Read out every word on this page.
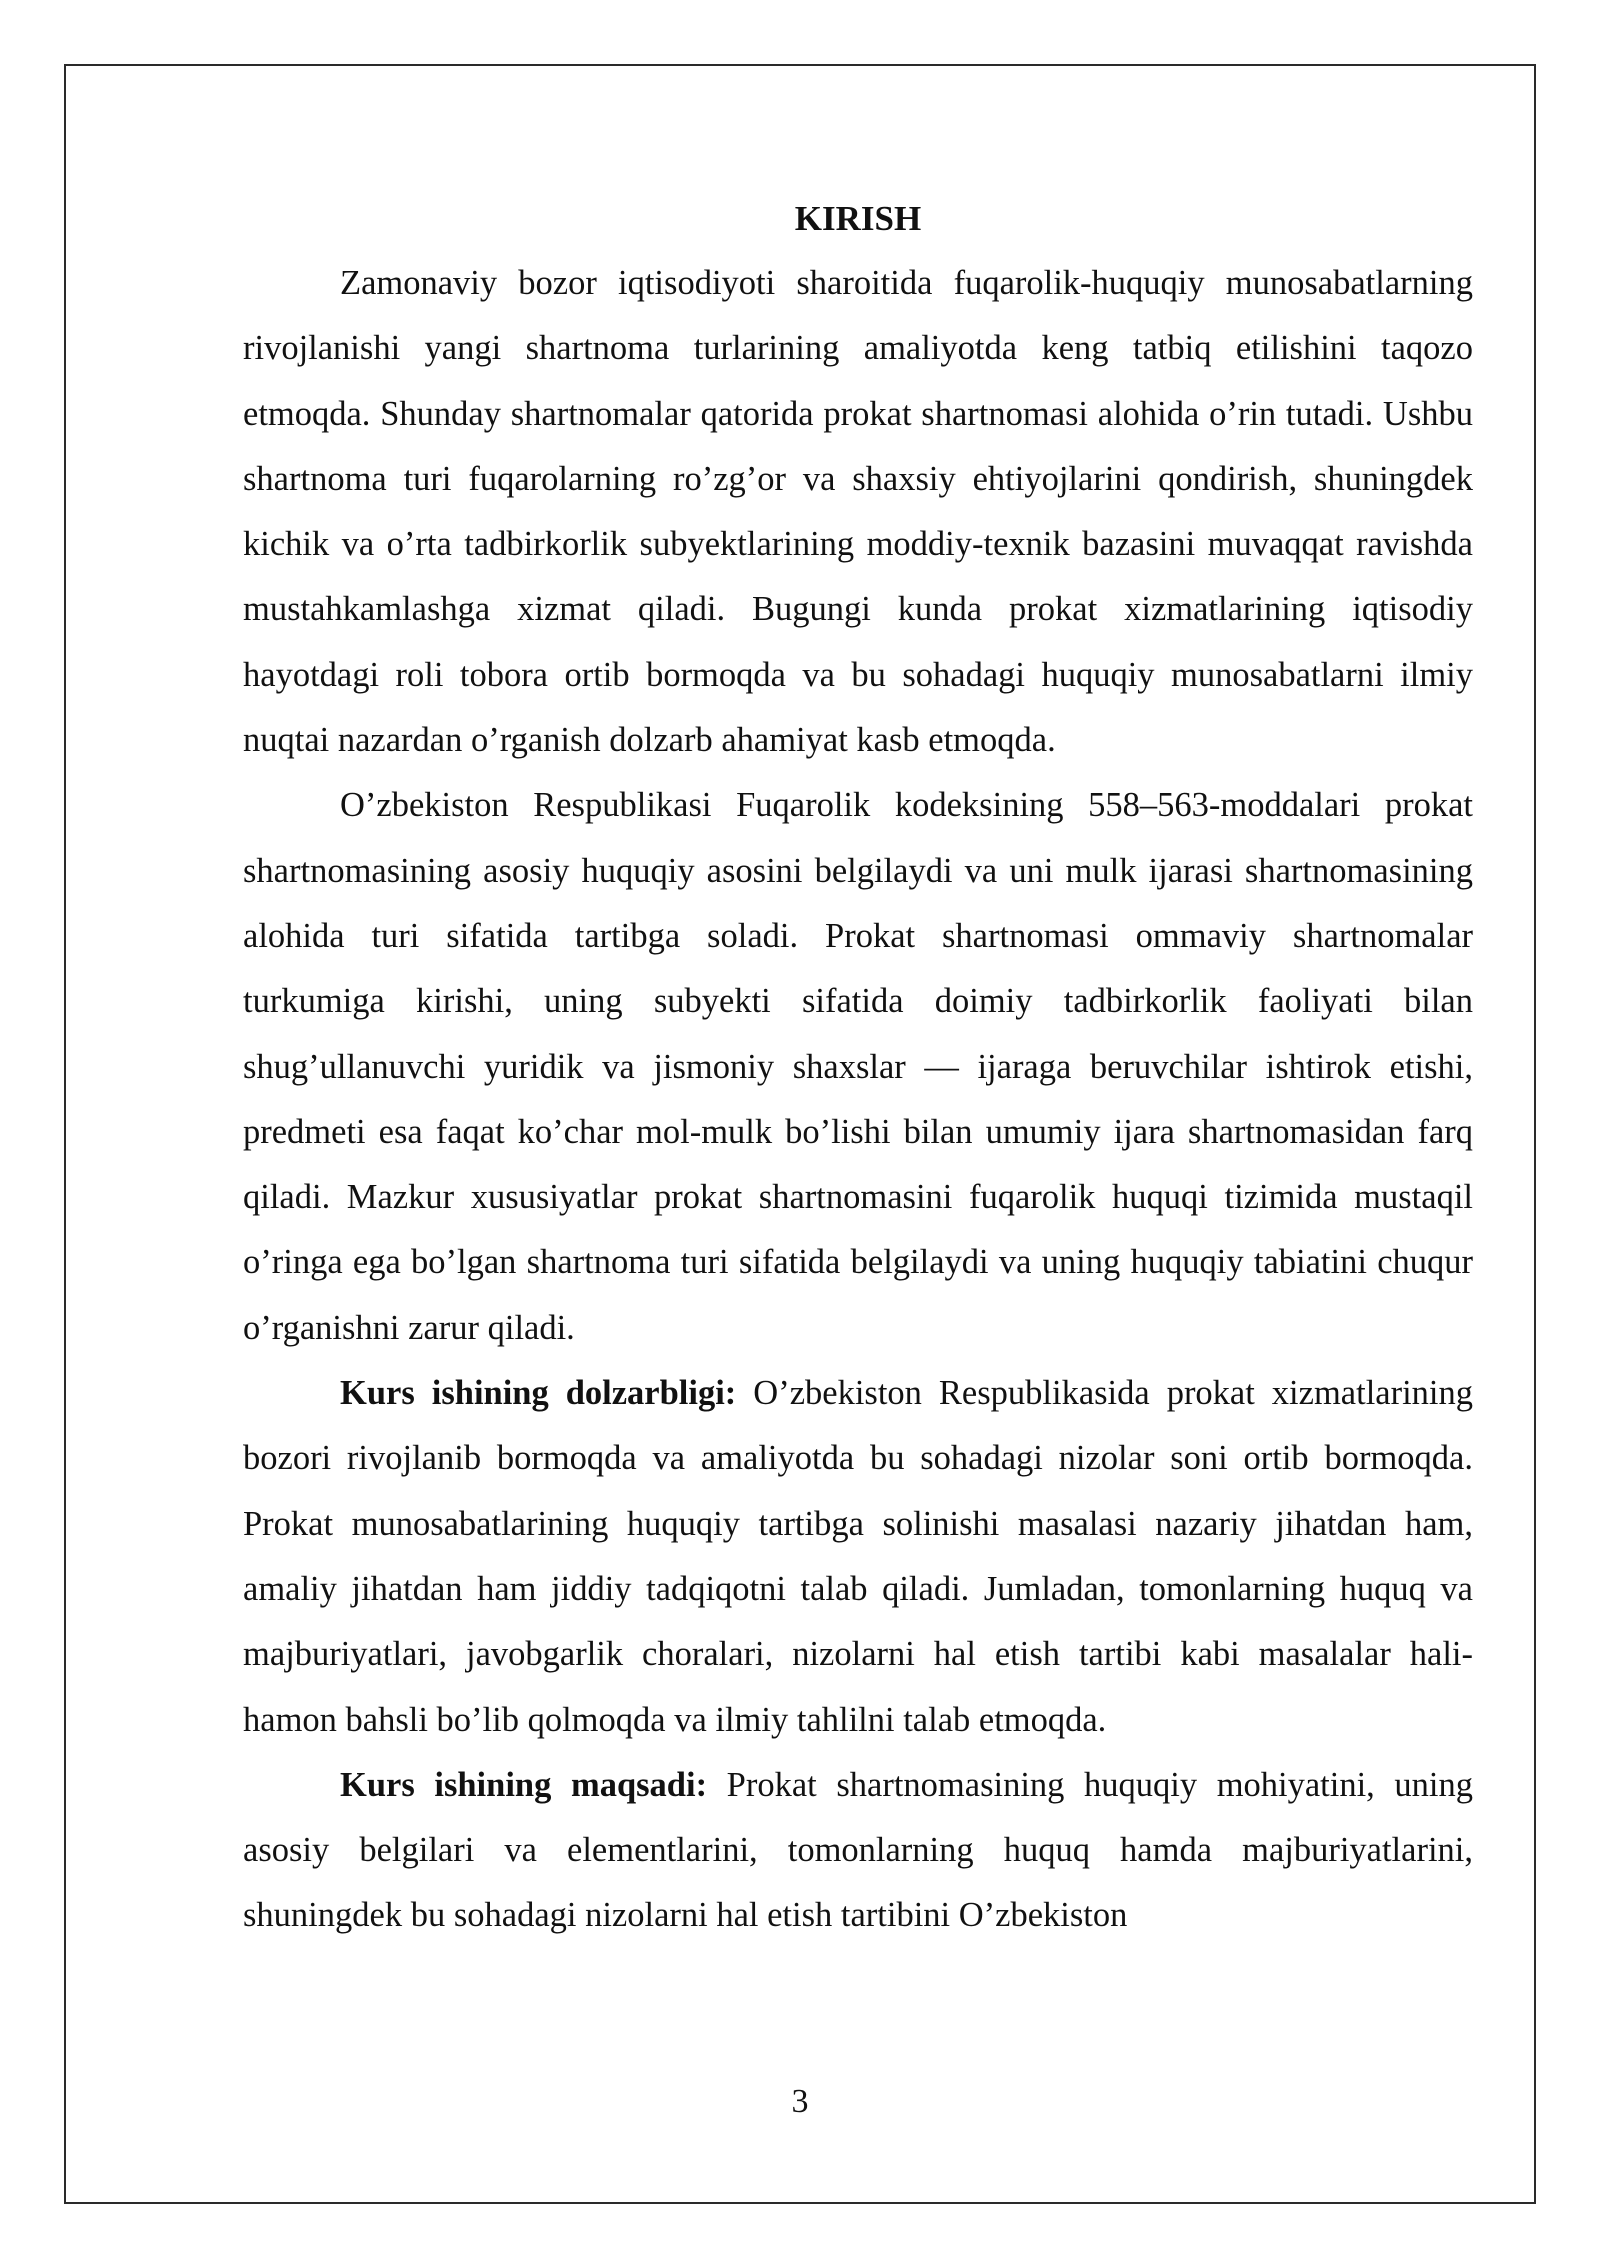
KIRISH

Zamonaviy bozor iqtisodiyoti sharoitida fuqarolik-huquqiy munosabatlarning rivojlanishi yangi shartnoma turlarining amaliyotda keng tatbiq etilishini taqozo etmoqda. Shunday shartnomalar qatorida prokat shartnomasi alohida o’rin tutadi. Ushbu shartnoma turi fuqarolarning ro’zg’or va shaxsiy ehtiyojlarini qondirish, shuningdek kichik va o’rta tadbirkorlik subyektlarining moddiy-texnik bazasini muvaqqat ravishda mustahkamlashga xizmat qiladi. Bugungi kunda prokat xizmatlarining iqtisodiy hayotdagi roli tobora ortib bormoqda va bu sohadagi huquqiy munosabatlarni ilmiy nuqtai nazardan o’rganish dolzarb ahamiyat kasb etmoqda.

O’zbekiston Respublikasi Fuqarolik kodeksining 558–563-moddalari prokat shartnomasining asosiy huquqiy asosini belgilaydi va uni mulk ijarasi shartnomasining alohida turi sifatida tartibga soladi. Prokat shartnomasi ommaviy shartnomalar turkumiga kirishi, uning subyekti sifatida doimiy tadbirkorlik faoliyati bilan shug’ullanuvchi yuridik va jismoniy shaxslar — ijaraga beruvchilar ishtirok etishi, predmeti esa faqat ko’char mol-mulk bo’lishi bilan umumiy ijara shartnomasidan farq qiladi. Mazkur xususiyatlar prokat shartnomasini fuqarolik huquqi tizimida mustaqil o’ringa ega bo’lgan shartnoma turi sifatida belgilaydi va uning huquqiy tabiatini chuqur o’rganishni zarur qiladi.

Kurs ishining dolzarbligi: O’zbekiston Respublikasida prokat xizmatlarining bozori rivojlanib bormoqda va amaliyotda bu sohadagi nizolar soni ortib bormoqda. Prokat munosabatlarining huquqiy tartibga solinishi masalasi nazariy jihatdan ham, amaliy jihatdan ham jiddiy tadqiqotni talab qiladi. Jumladan, tomonlarning huquq va majburiyatlari, javobgarlik choralari, nizolarni hal etish tartibi kabi masalalar hali-hamon bahsli bo’lib qolmoqda va ilmiy tahlilni talab etmoqda.

Kurs ishining maqsadi: Prokat shartnomasining huquqiy mohiyatini, uning asosiy belgilari va elementlarini, tomonlarning huquq hamda majburiyatlarini, shuningdek bu sohadagi nizolarni hal etish tartibini O’zbekiston

3
